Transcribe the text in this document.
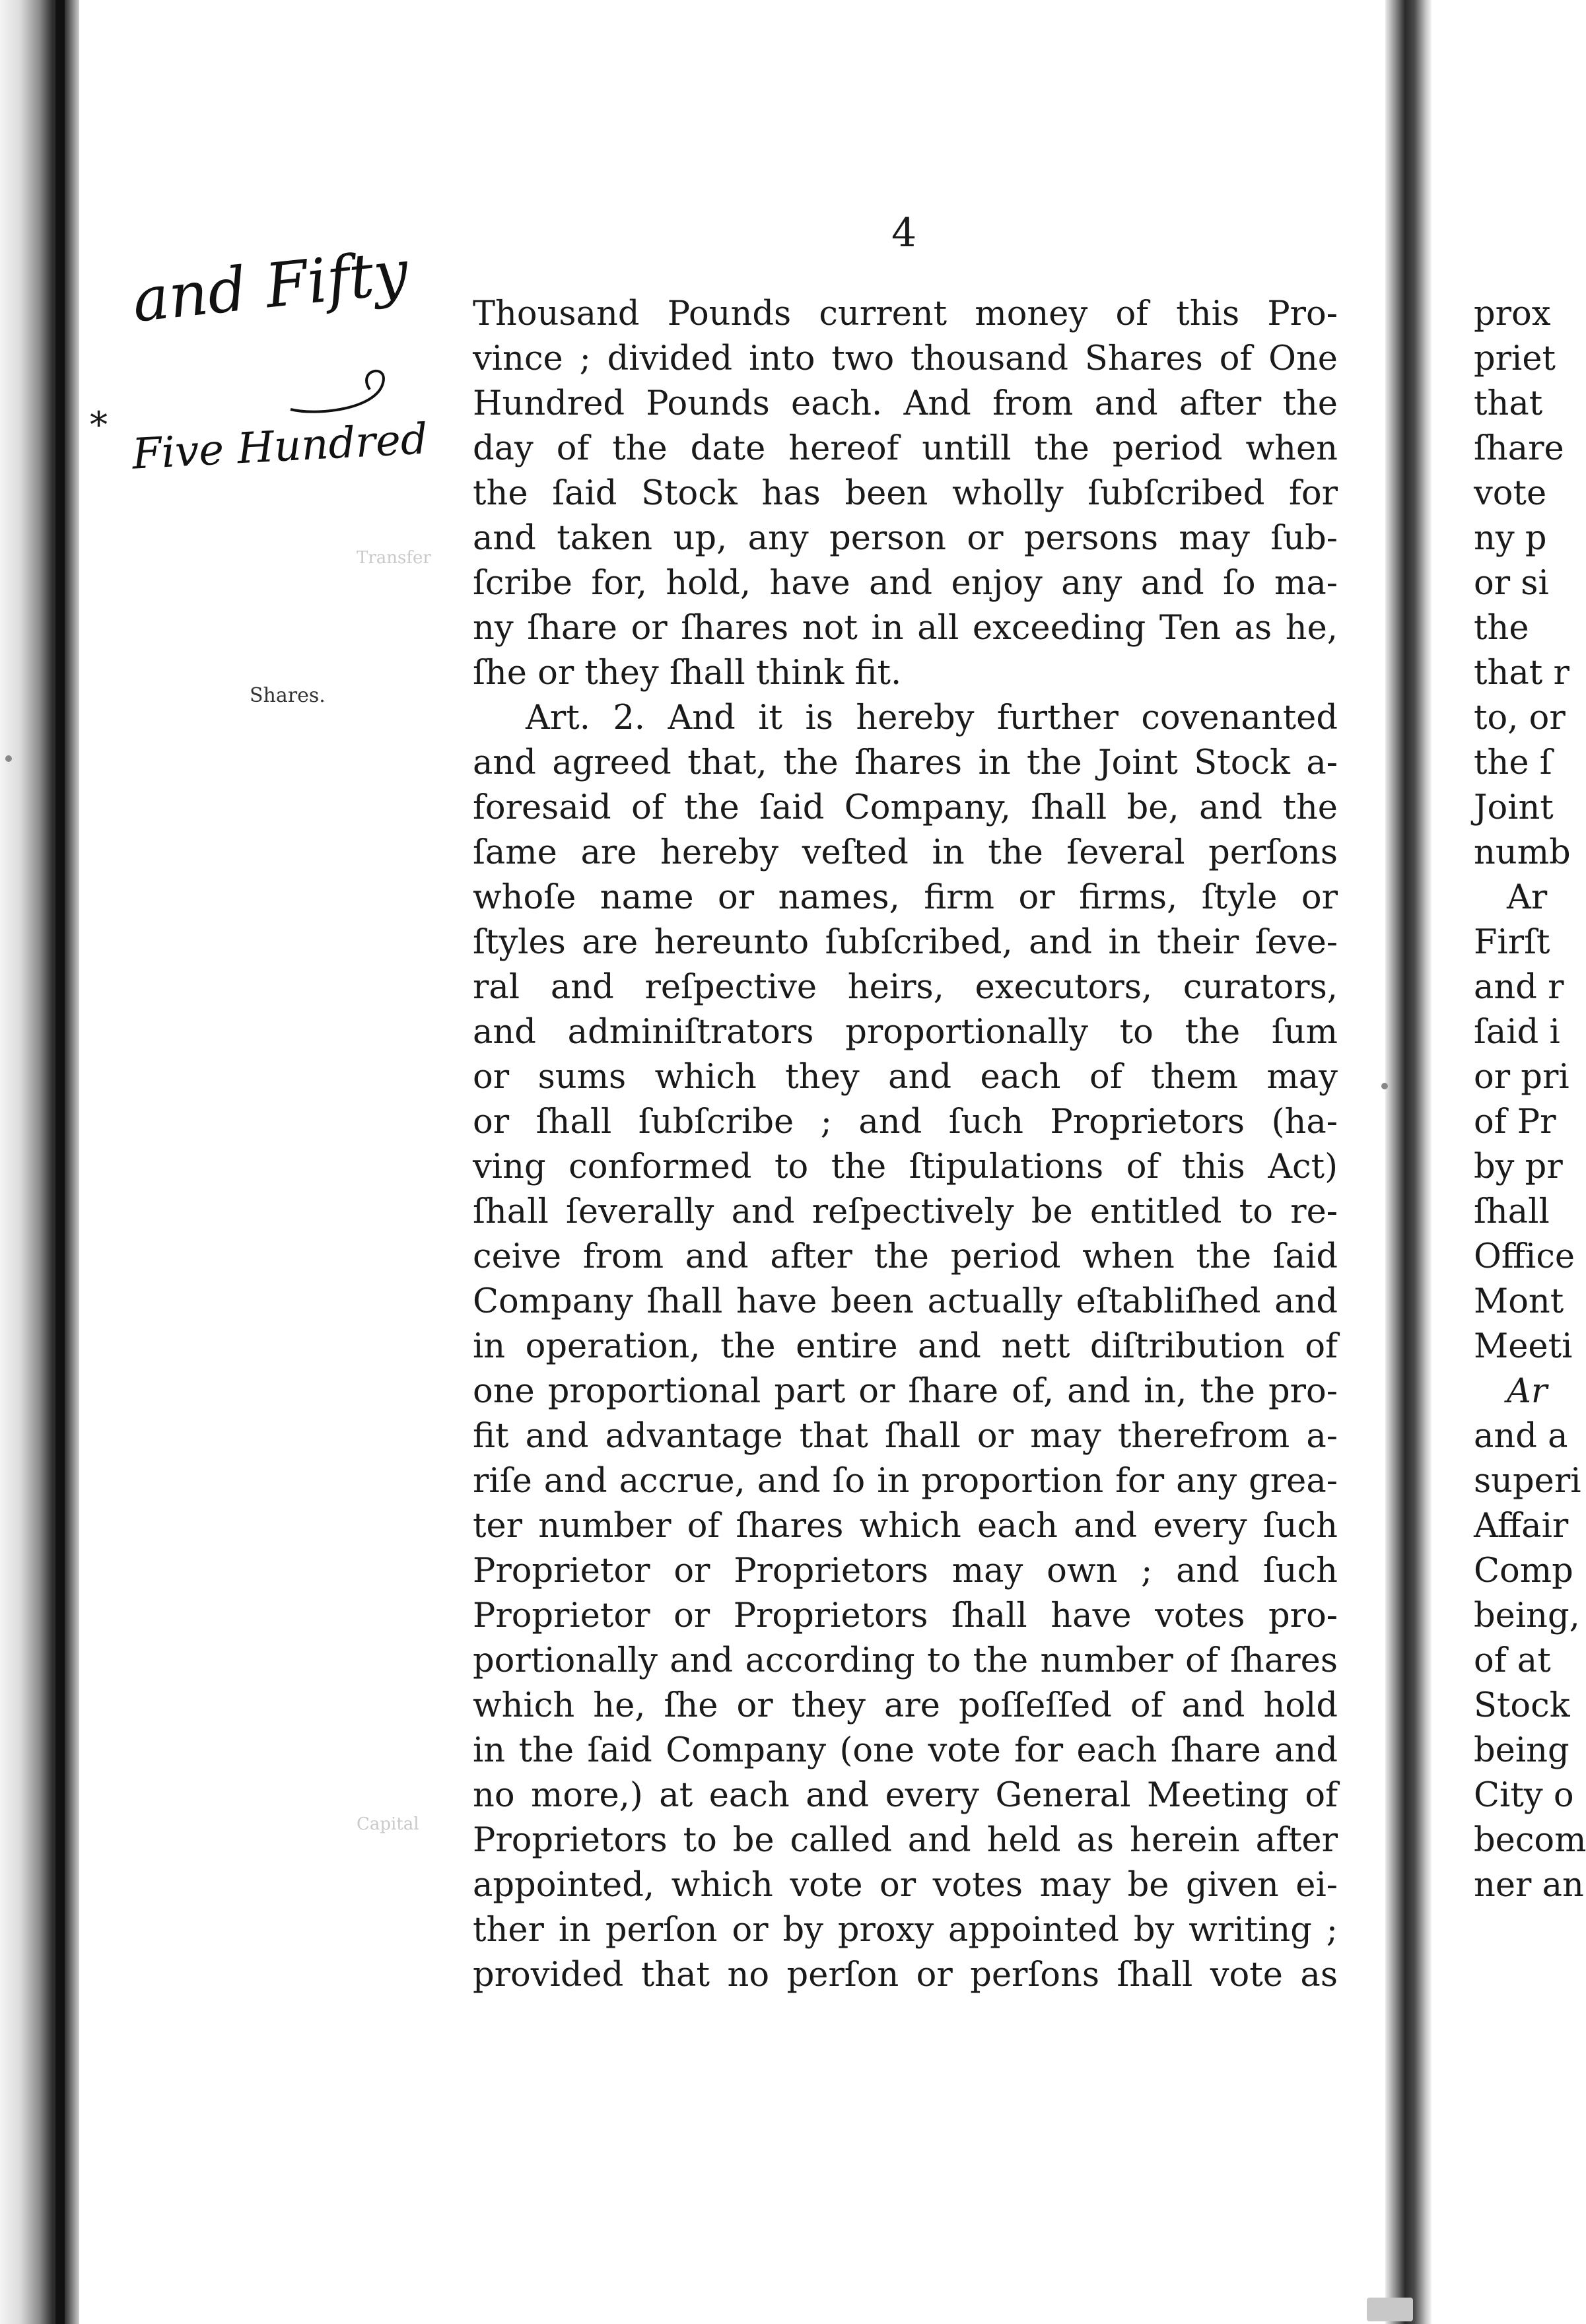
and Fifty
* Five Hundred
Shares.
Transfer
Capital
4
Thousand Pounds current money of this Pro-
vince ; divided into two thousand Shares of One
Hundred Pounds each. And from and after the
day of the date hereof untill the period when
the ſaid Stock has been wholly ſubſcribed for
and taken up, any person or persons may ſub-
ſcribe for, hold, have and enjoy any and ſo ma-
ny ſhare or ſhares not in all exceeding Ten as he,
ſhe or they ſhall think fit.
Art. 2. And it is hereby further covenanted
and agreed that, the ſhares in the Joint Stock a-
foresaid of the ſaid Company, ſhall be, and the
ſame are hereby veſted in the ſeveral perſons
whoſe name or names, firm or firms, ſtyle or
ſtyles are hereunto ſubſcribed, and in their ſeve-
ral and reſpective heirs, executors, curators,
and adminiſtrators proportionally to the ſum
or sums which they and each of them may
or ſhall ſubſcribe ; and ſuch Proprietors (ha-
ving conformed to the ſtipulations of this Act)
ſhall ſeverally and reſpectively be entitled to re-
ceive from and after the period when the ſaid
Company ſhall have been actually eſtabliſhed and
in operation, the entire and nett diſtribution of
one proportional part or ſhare of, and in, the pro-
fit and advantage that ſhall or may therefrom a-
riſe and accrue, and ſo in proportion for any grea-
ter number of ſhares which each and every ſuch
Proprietor or Proprietors may own ; and ſuch
Proprietor or Proprietors ſhall have votes pro-
portionally and according to the number of ſhares
which he, ſhe or they are poſſeſſed of and hold
in the ſaid Company (one vote for each ſhare and
no more,) at each and every General Meeting of
Proprietors to be called and held as herein after
appointed, which vote or votes may be given ei-
ther in perſon or by proxy appointed by writing ;
provided that no perſon or perſons ſhall vote as
prox
priet
that
ſhare
vote
ny p
or si
the
that r
to, or
the ſ
Joint
numb
Ar
Firſt
and r
ſaid i
or pri
of Pr
by pr
ſhall
Office
Mont
Meeti
Ar
and a
superi
Affair
Comp
being,
of at
Stock
being
City o
becom
ner an
